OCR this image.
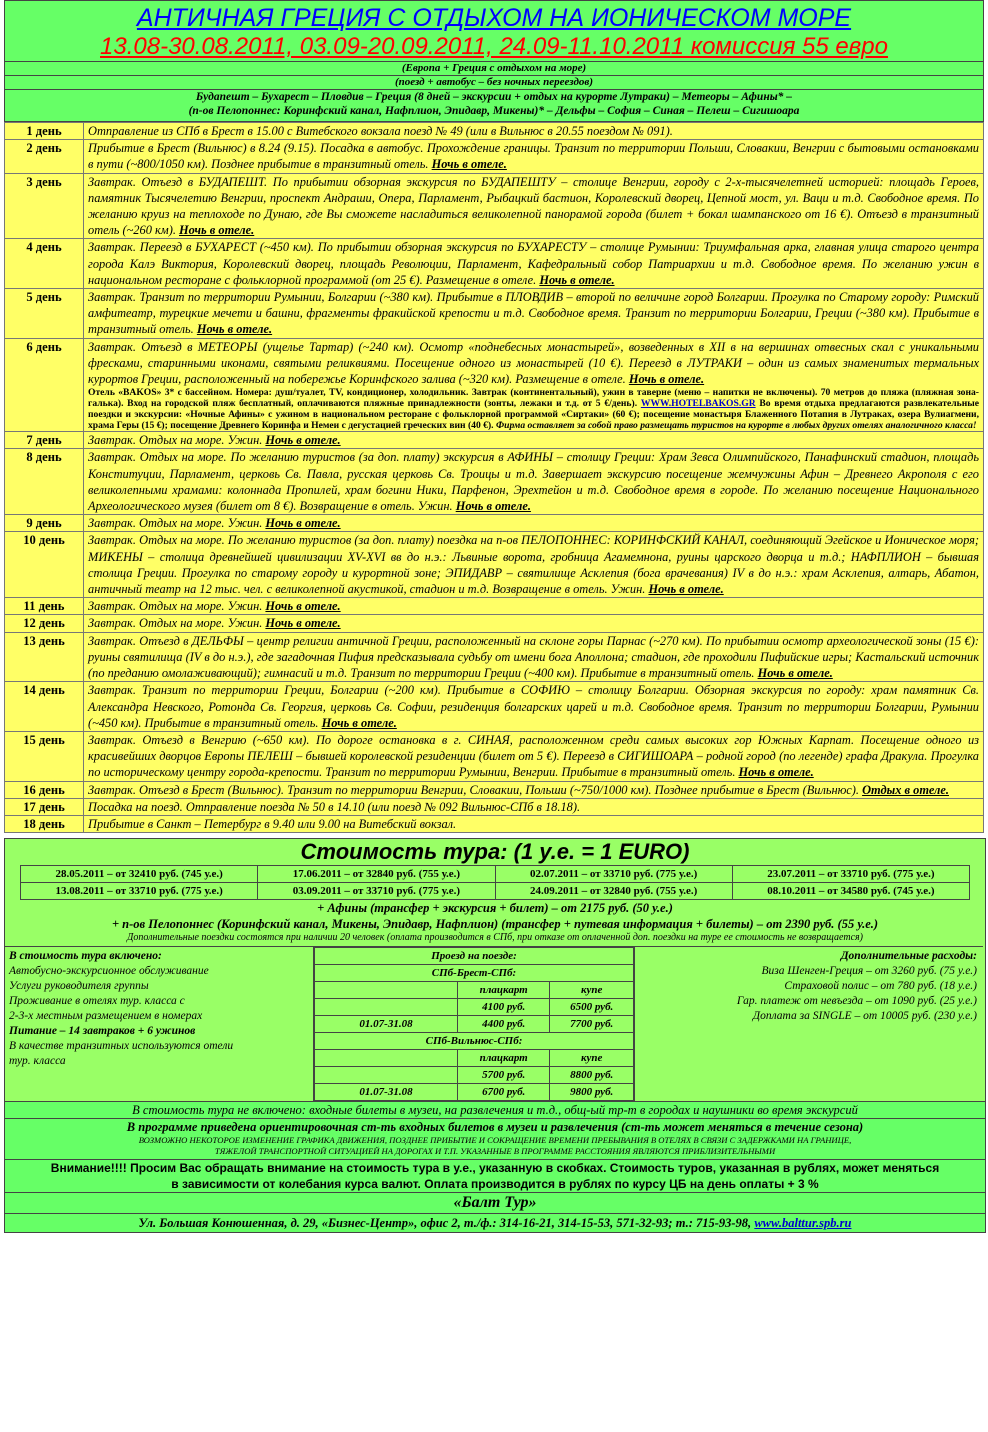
АНТИЧНАЯ ГРЕЦИЯ С ОТДЫХОМ НА ИОНИЧЕСКОМ МОРЕ
13.08-30.08.2011, 03.09-20.09.2011, 24.09-11.10.2011 комиссия 55 евро
(Европа + Греция с отдыхом на море)
(поезд + автобус – без ночных переездов)
Будапешт – Бухарест – Пловдив – Греция (8 дней – экскурсии + отдых на курорте Лутраки) – Метеоры – Афины* –
(п-ов Пелопоннес: Коринфский канал, Нафплион, Эпидавр, Микены)* – Дельфы – София – Синая – Пелеш – Сигишоара
1 день	Отправление из СПб в Брест в 15.00 с Витебского вокзала поезд № 49 (или в Вильнюс в 20.55 поездом № 091).
2 день	Прибытие в Брест (Вильнюс) в 8.24 (9.15). Посадка в автобус. Прохождение границы. Транзит по территории Польши, Словакии, Венгрии с бытовыми остановками в пути (~800/1050 км). Позднее прибытие в транзитный отель. Ночь в отеле.
3 день	Завтрак. Отъезд в БУДАПЕШТ. По прибытии обзорная экскурсия по БУДАПЕШТУ – столице Венгрии, городу с 2-х-тысячелетней историей: площадь Героев, памятник Тысячелетию Венгрии, проспект Андраши, Опера, Парламент, Рыбацкий бастион, Королевский дворец, Цепной мост, ул. Ваци и т.д. Свободное время. По желанию круиз на теплоходе по Дунаю, где Вы сможете насладиться великолепной панорамой города (билет + бокал шампанского от 16 €). Отъезд в транзитный отель (~260 км). Ночь в отеле.
4 день	Завтрак. Переезд в БУХАРЕСТ (~450 км). По прибытии обзорная экскурсия по БУХАРЕСТУ – столице Румынии: Триумфальная арка, главная улица старого центра города Калэ Виктория, Королевский дворец, площадь Революции, Парламент, Кафедральный собор Патриархии и т.д. Свободное время. По желанию ужин в национальном ресторане с фольклорной программой (от 25 €). Размещение в отеле. Ночь в отеле.
5 день	Завтрак. Транзит по территории Румынии, Болгарии (~380 км). Прибытие в ПЛОВДИВ – второй по величине город Болгарии. Прогулка по Старому городу: Римский амфитеатр, турецкие мечети и башни, фрагменты фракийской крепости и т.д. Свободное время. Транзит по территории Болгарии, Греции (~380 км). Прибытие в транзитный отель. Ночь в отеле.
6 день	Завтрак. Отъезд в МЕТЕОРЫ (ущелье Тартар) (~240 км). Осмотр «поднебесных монастырей», возведенных в XII в на вершинах отвесных скал с уникальными фресками, старинными иконами, святыми реликвиями. Посещение одного из монастырей (10 €). Переезд в ЛУТРАКИ – один из самых знаменитых термальных курортов Греции, расположенный на побережье Коринфского залива (~320 км). Размещение в отеле. Ночь в отеле.
Отель «BAKOS» 3* с бассейном. Номера: душ/туалет, TV, кондиционер, холодильник. Завтрак (континентальный), ужин в таверне (меню – напитки не включены). 70 метров до пляжа (пляжная зона-галька). Вход на городской пляж бесплатный, оплачиваются пляжные принадлежности (зонты, лежаки и т.д. от 5 €/день). WWW.HOTELBAKOS.GR Во время отдыха предлагаются развлекательные поездки и экскурсии: «Ночные Афины» с ужином в национальном ресторане с фольклорной программой «Сиртаки» (60 €); посещение монастыря Блаженного Потапия в Лутраках, озера Вулиагмени, храма Геры (15 €); посещение Древнего Коринфа и Немеи с дегустацией греческих вин (40 €). Фирма оставляет за собой право размещать туристов на курорте в любых других отелях аналогичного класса!

7 день	Завтрак. Отдых на море. Ужин. Ночь в отеле.
8 день	Завтрак. Отдых на море. По желанию туристов (за доп. плату) экскурсия в АФИНЫ – столицу Греции: Храм Зевса Олимпийского, Панафинский стадион, площадь Конституции, Парламент, церковь Св. Павла, русская церковь Св. Троицы и т.д. Завершает экскурсию посещение жемчужины Афин – Древнего Акрополя с его великолепными храмами: колоннада Пропилей, храм богини Ники, Парфенон, Эрехтейон и т.д. Свободное время в городе. По желанию посещение Национального Археологического музея (билет от 8 €). Возвращение в отель. Ужин. Ночь в отеле.
9 день	Завтрак. Отдых на море. Ужин. Ночь в отеле.
10 день	Завтрак. Отдых на море. По желанию туристов (за доп. плату) поездка на п-ов ПЕЛОПОННЕС: КОРИНФСКИЙ КАНАЛ, соединяющий Эгейское и Ионическое моря; МИКЕНЫ – столица древнейшей цивилизации XV-XVI вв до н.э.: Львиные ворота, гробница Агамемнона, руины царского дворца и т.д.; НАФПЛИОН – бывшая столица Греции. Прогулка по старому городу и курортной зоне; ЭПИДАВР – святилище Асклепия (бога врачевания) IV в до н.э.: храм Асклепия, алтарь, Абатон, античный театр на 12 тыс. чел. с великолепной акустикой, стадион и т.д. Возвращение в отель. Ужин. Ночь в отеле.
11 день	Завтрак. Отдых на море. Ужин. Ночь в отеле.
12 день	Завтрак. Отдых на море. Ужин. Ночь в отеле.
13 день	Завтрак. Отъезд в ДЕЛЬФЫ – центр религии античной Греции, расположенный на склоне горы Парнас (~270 км). По прибытии осмотр археологической зоны (15 €): руины святилища (IV в до н.э.), где загадочная Пифия предсказывала судьбу от имени бога Аполлона; стадион, где проходили Пифийские игры; Кастальский источник (по преданию омолаживающий); гимнасий и т.д. Транзит по территории Греции (~400 км). Прибытие в транзитный отель. Ночь в отеле.
14 день	Завтрак. Транзит по территории Греции, Болгарии (~200 км). Прибытие в СОФИЮ – столицу Болгарии. Обзорная экскурсия по городу: храм памятник Св. Александра Невского, Ротонда Св. Георгия, церковь Св. Софии, резиденция болгарских царей и т.д. Свободное время. Транзит по территории Болгарии, Румынии (~450 км). Прибытие в транзитный отель. Ночь в отеле.
15 день	Завтрак. Отъезд в Венгрию (~650 км). По дороге остановка в г. СИНАЯ, расположенном среди самых высоких гор Южных Карпат. Посещение одного из красивейших дворцов Европы ПЕЛЕШ – бывшей королевской резиденции (билет от 5 €). Переезд в СИГИШОАРА – родной город (по легенде) графа Дракула. Прогулка по историческому центру города-крепости. Транзит по территории Румынии, Венгрии. Прибытие в транзитный отель. Ночь в отеле.
16 день	Завтрак. Отъезд в Брест (Вильнюс). Транзит по территории Венгрии, Словакии, Польши (~750/1000 км). Позднее прибытие в Брест (Вильнюс). Отдых в отеле.
17 день	Посадка на поезд. Отправление поезда № 50 в 14.10 (или поезд № 092 Вильнюс-СПб в 18.18).
18 день	Прибытие в Санкт – Петербург в 9.40 или 9.00 на Витебский вокзал.
Стоимость тура: (1 у.е. = 1 EURO)
28.05.2011 – от 32410 руб. (745 у.е.)	17.06.2011 – от 32840 руб. (755 у.е.)	02.07.2011 – от 33710 руб. (775 у.е.)	23.07.2011 – от 33710 руб. (775 у.е.)
13.08.2011 – от 33710 руб. (775 у.е.)	03.09.2011 – от 33710 руб. (775 у.е.)	24.09.2011 – от 32840 руб. (755 у.е.)	08.10.2011 – от 34580 руб. (745 у.е.)
+ Афины (трансфер + экскурсия + билет) – от 2175 руб. (50 у.е.)
+ п-ов Пелопоннес (Коринфский канал, Микены, Эпидавр, Нафплион) (трансфер + путевая информация + билеты) – от 2390 руб. (55 у.е.)
Дополнительные поездки состоятся при наличии 20 человек (оплата производится в СПб, при отказе от оплаченной доп. поездки на туре ее стоимость не возвращается)
В стоимость тура включено:
Автобусно-экскурсионное обслуживание
Услуги руководителя группы
Проживание в отелях тур. класса с
2-3-х местным размещением в номерах
Питание – 14 завтраков + 6 ужинов
В качестве транзитных используются отели
тур. класса

Проезд на поезде:
СПб-Брест-СПб:
	плацкарт	купе
	4100 руб.	6500 руб.
01.07-31.08	4400 руб.	7700 руб.
СПб-Вильнюс-СПб:
	плацкарт	купе
	5700 руб.	8800 руб.
01.07-31.08	6700 руб.	9800 руб.

Дополнительные расходы:
Виза Шенген-Греция – от 3260 руб. (75 у.е.)
Страховой полис – от 780 руб. (18 у.е.)
Гар. платеж от невъезда – от 1090 руб. (25 у.е.)
Доплата за SINGLE – от 10005 руб. (230 у.е.)
В стоимость тура не включено: входные билеты в музеи, на развлечения и т.д., общ-ый тр-т в городах и наушники во время экскурсий
В программе приведена ориентировочная ст-ть входных билетов в музеи и развлечения (ст-ть может меняться в течение сезона)
ВОЗМОЖНО НЕКОТОРОЕ ИЗМЕНЕНИЕ ГРАФИКА ДВИЖЕНИЯ, ПОЗДНЕЕ ПРИБЫТИЕ И СОКРАЩЕНИЕ ВРЕМЕНИ ПРЕБЫВАНИЯ В ОТЕЛЯХ В СВЯЗИ С ЗАДЕРЖКАМИ НА ГРАНИЦЕ,
ТЯЖЕЛОЙ ТРАНСПОРТНОЙ СИТУАЦИЕЙ НА ДОРОГАХ И Т.П. УКАЗАННЫЕ В ПРОГРАММЕ РАССТОЯНИЯ ЯВЛЯЮТСЯ ПРИБЛИЗИТЕЛЬНЫМИ
Внимание!!!! Просим Вас обращать внимание на стоимость тура в у.е., указанную в скобках. Стоимость туров, указанная в рублях, может меняться
в зависимости от колебания курса валют. Оплата производится в рублях по курсу ЦБ на день оплаты + 3 %
«Балт Тур»
Ул. Большая Конюшенная, д. 29, «Бизнес-Центр», офис 2, т./ф.: 314-16-21, 314-15-53, 571-32-93; т.: 715-93-98, www.balttur.spb.ru
